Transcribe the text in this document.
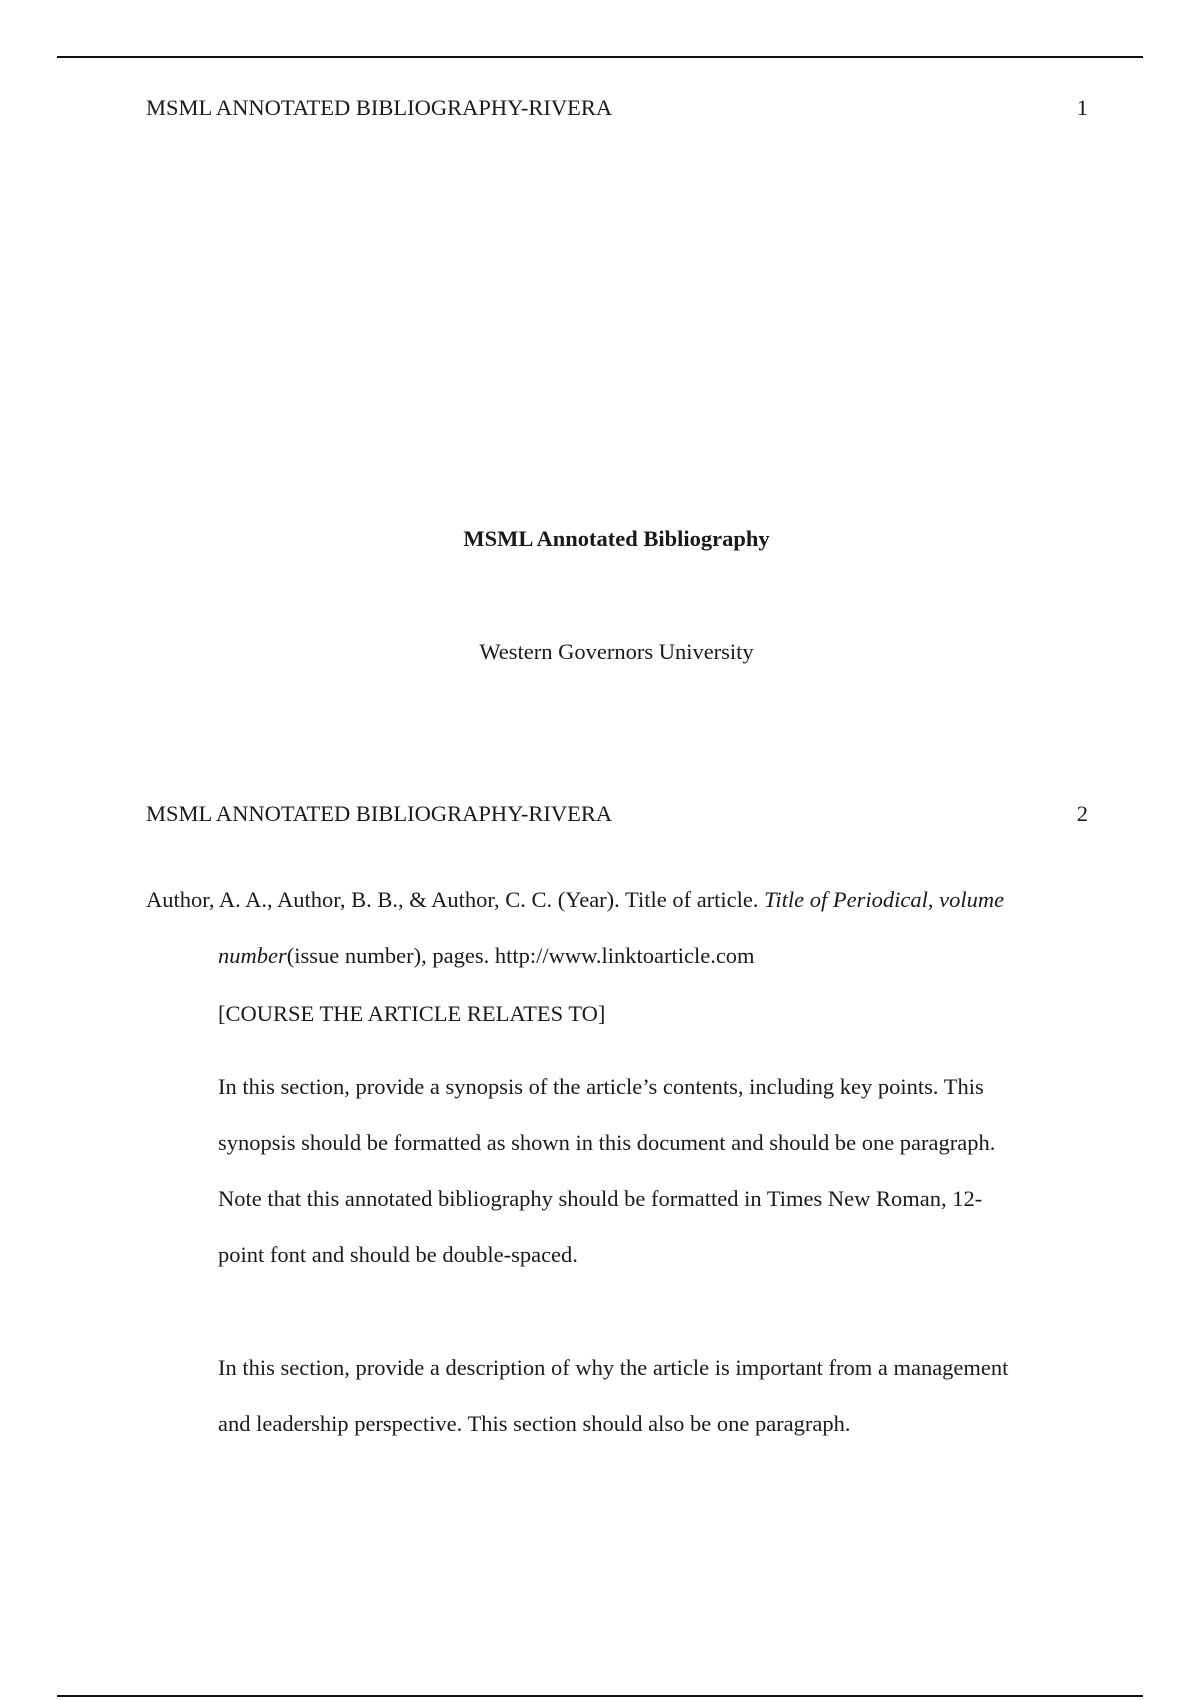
MSML ANNOTATED BIBLIOGRAPHY-RIVERA	1
MSML Annotated Bibliography
Western Governors University
MSML ANNOTATED BIBLIOGRAPHY-RIVERA	2
Author, A. A., Author, B. B., & Author, C. C. (Year). Title of article. Title of Periodical, volume
number(issue number), pages. http://www.linktoarticle.com
[COURSE THE ARTICLE RELATES TO]
In this section, provide a synopsis of the article’s contents, including key points. This
synopsis should be formatted as shown in this document and should be one paragraph.
Note that this annotated bibliography should be formatted in Times New Roman, 12-
point font and should be double-spaced.
In this section, provide a description of why the article is important from a management
and leadership perspective. This section should also be one paragraph.
